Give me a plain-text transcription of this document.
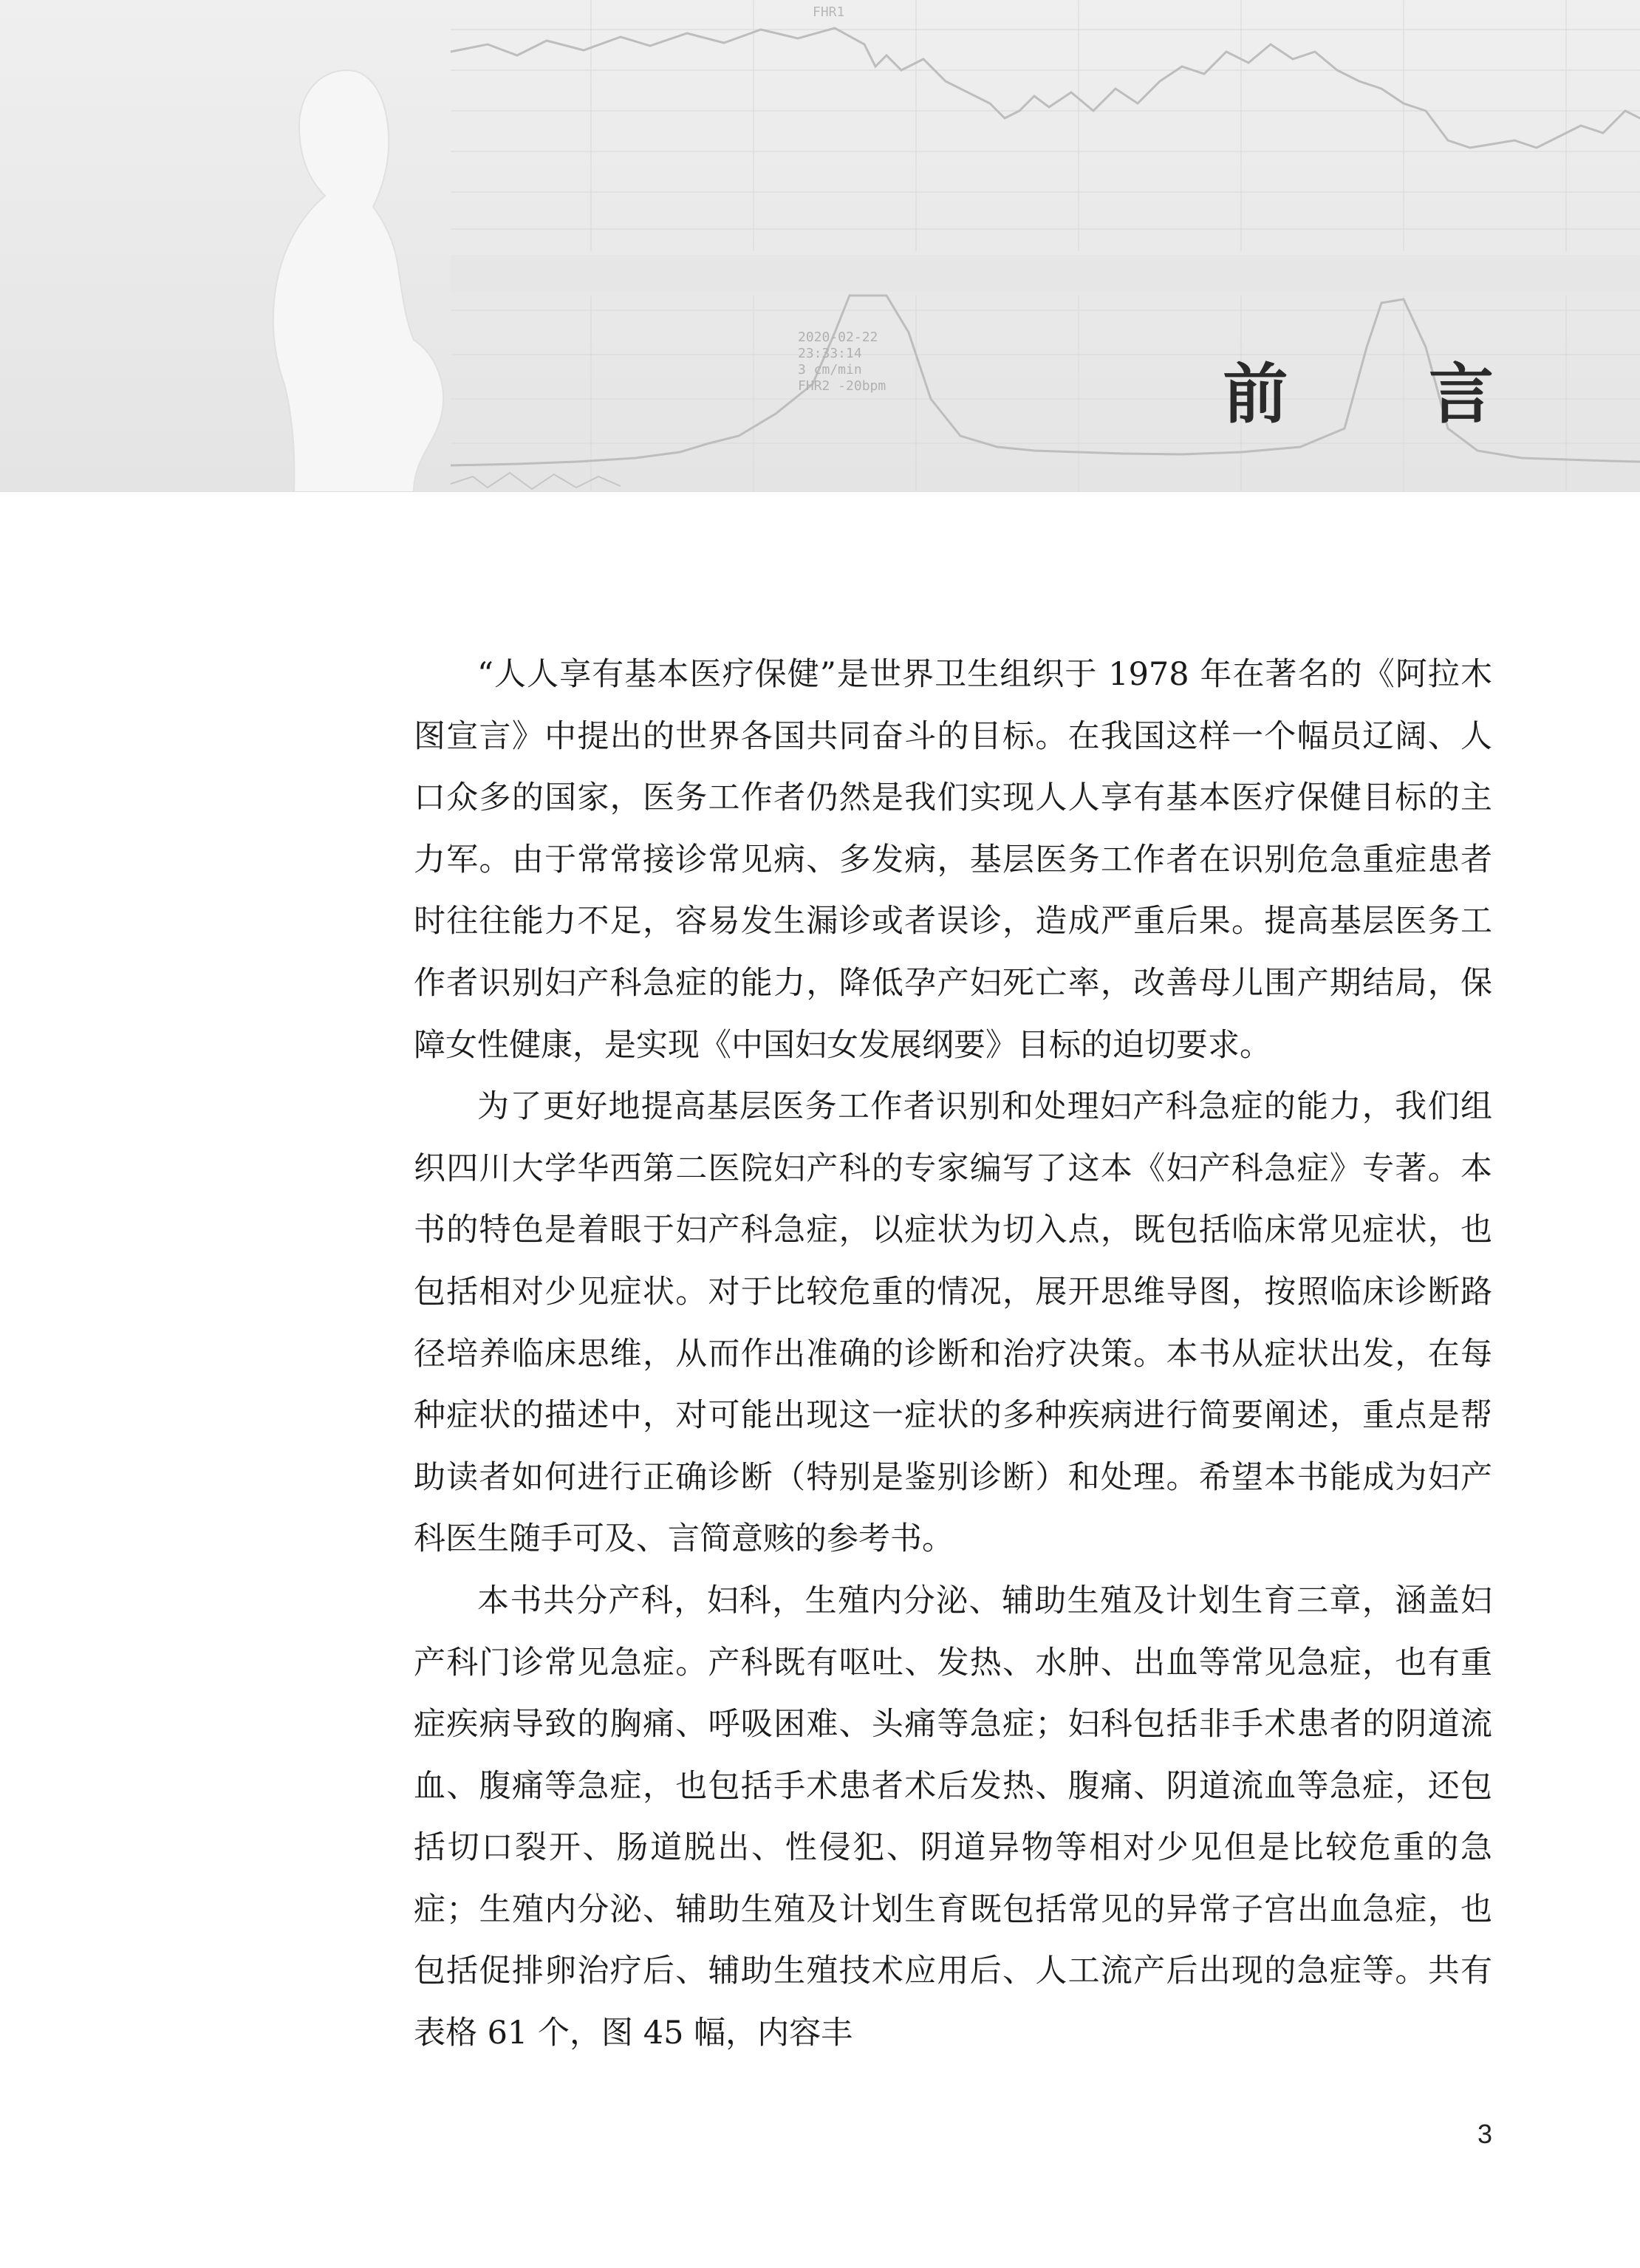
FHR1
2020-02-22
23:33:14
3 cm/min
FHR2 -20bpm	前 言

“人人享有基本医疗保健”是世界卫生组织于 1978 年在著名的《阿拉木图宣言》中提出的世界各国共同奋斗的目标。在我国这样一个幅员辽阔、人口众多的国家，医务工作者仍然是我们实现人人享有基本医疗保健目标的主力军。由于常常接诊常见病、多发病，基层医务工作者在识别危急重症患者时往往能力不足，容易发生漏诊或者误诊，造成严重后果。提高基层医务工作者识别妇产科急症的能力，降低孕产妇死亡率，改善母儿围产期结局，保障女性健康，是实现《中国妇女发展纲要》目标的迫切要求。

为了更好地提高基层医务工作者识别和处理妇产科急症的能力，我们组织四川大学华西第二医院妇产科的专家编写了这本《妇产科急症》专著。本书的特色是着眼于妇产科急症，以症状为切入点，既包括临床常见症状，也包括相对少见症状。对于比较危重的情况，展开思维导图，按照临床诊断路径培养临床思维，从而作出准确的诊断和治疗决策。本书从症状出发，在每种症状的描述中，对可能出现这一症状的多种疾病进行简要阐述，重点是帮助读者如何进行正确诊断（特别是鉴别诊断）和处理。希望本书能成为妇产科医生随手可及、言简意赅的参考书。

本书共分产科，妇科，生殖内分泌、辅助生殖及计划生育三章，涵盖妇产科门诊常见急症。产科既有呕吐、发热、水肿、出血等常见急症，也有重症疾病导致的胸痛、呼吸困难、头痛等急症；妇科包括非手术患者的阴道流血、腹痛等急症，也包括手术患者术后发热、腹痛、阴道流血等急症，还包括切口裂开、肠道脱出、性侵犯、阴道异物等相对少见但是比较危重的急症；生殖内分泌、辅助生殖及计划生育既包括常见的异常子宫出血急症，也包括促排卵治疗后、辅助生殖技术应用后、人工流产后出现的急症等。共有表格 61 个，图 45 幅，内容丰

3
